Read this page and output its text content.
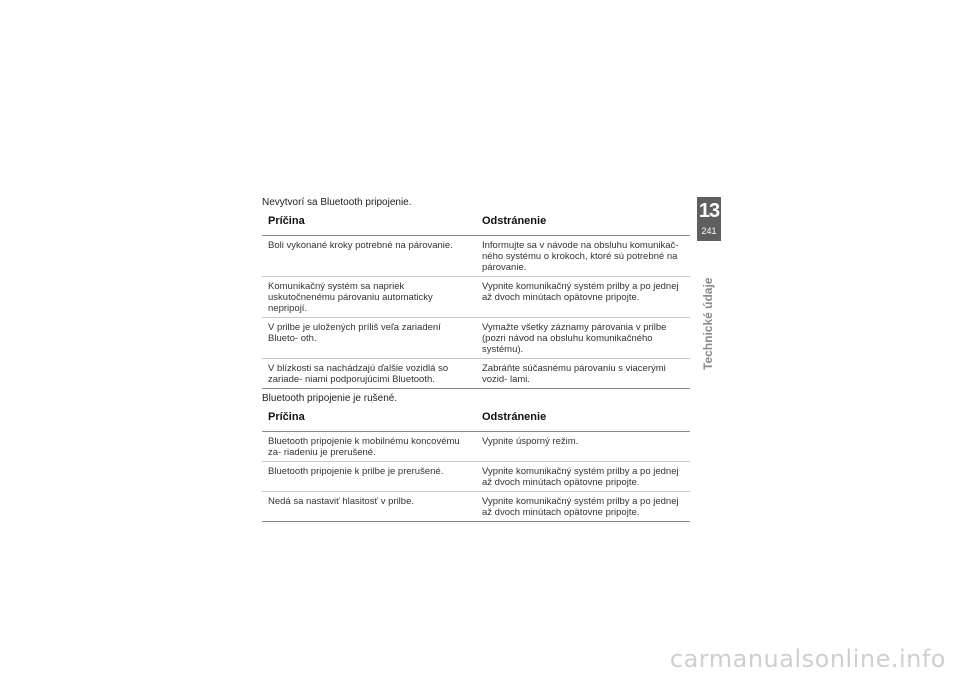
Nevytvorí sa Bluetooth pripojenie.
Príčina	Odstránenie
Boli vykonané kroky potrebné na párovanie.	Informujte sa v návode na obsluhu komunikač- ného systému o krokoch, ktoré sú potrebné na párovanie.
Komunikačný systém sa napriek uskutočnenému párovaniu automaticky nepripojí.	Vypnite komunikačný systém prilby a po jednej až dvoch minútach opätovne pripojte.
V prilbe je uložených príliš veľa zariadení Blueto- oth.	Vymažte všetky záznamy párovania v prilbe (pozri návod na obsluhu komunikačného systému).
V blízkosti sa nachádzajú ďalšie vozidlá so zariade- niami podporujúcimi Bluetooth.	Zabráňte súčasnému párovaniu s viacerými vozid- lami.
Bluetooth pripojenie je rušené.
Príčina	Odstránenie
Bluetooth pripojenie k mobilnému koncovému za- riadeniu je prerušené.	Vypnite úsporný režim.
Bluetooth pripojenie k prilbe je prerušené.	Vypnite komunikačný systém prilby a po jednej až dvoch minútach opätovne pripojte.
Nedá sa nastaviť hlasitosť v prilbe.	Vypnite komunikačný systém prilby a po jednej až dvoch minútach opätovne pripojte.
13
241
Technické údaje
carmanualsonline.info
